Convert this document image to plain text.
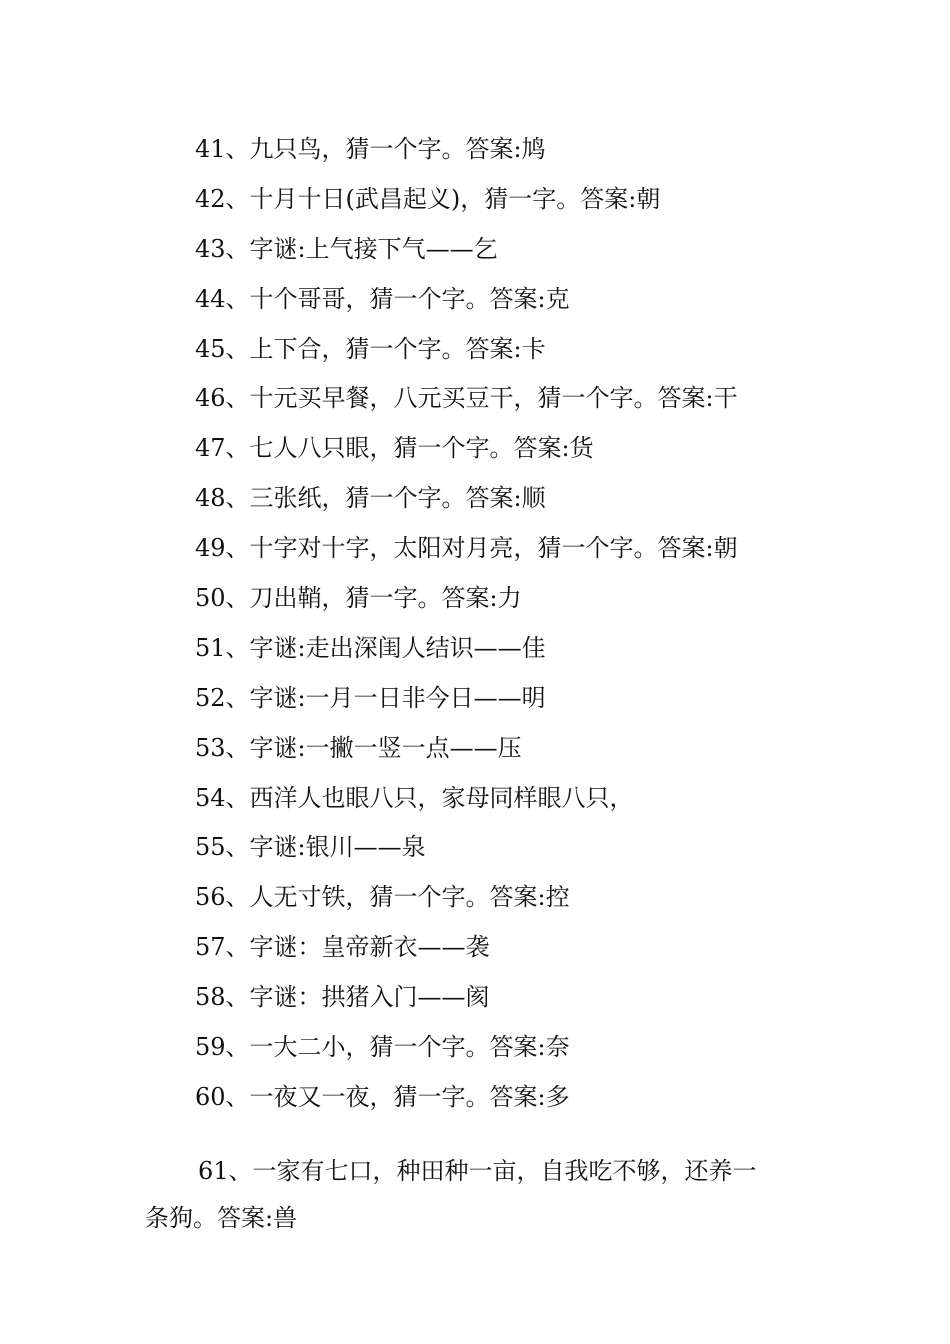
41、九只鸟，猜一个字。答案:鸠
42、十月十日(武昌起义)，猜一字。答案:朝
43、字谜:上气接下气——乞
44、十个哥哥，猜一个字。答案:克
45、上下合，猜一个字。答案:卡
46、十元买早餐，八元买豆干，猜一个字。答案:干
47、七人八只眼，猜一个字。答案:货
48、三张纸，猜一个字。答案:顺
49、十字对十字，太阳对月亮，猜一个字。答案:朝
50、刀出鞘，猜一字。答案:力
51、字谜:走出深闺人结识——佳
52、字谜:一月一日非今日——明
53、字谜:一撇一竖一点——压
54、西洋人也眼八只，家母同样眼八只，
55、字谜:银川——泉
56、人无寸铁，猜一个字。答案:控
57、字谜：皇帝新衣——袭
58、字谜：拱猪入门——阂
59、一大二小，猜一个字。答案:奈
60、一夜又一夜，猜一字。答案:多

61、一家有七口，种田种一亩，自我吃不够，还养一
条狗。答案:兽
